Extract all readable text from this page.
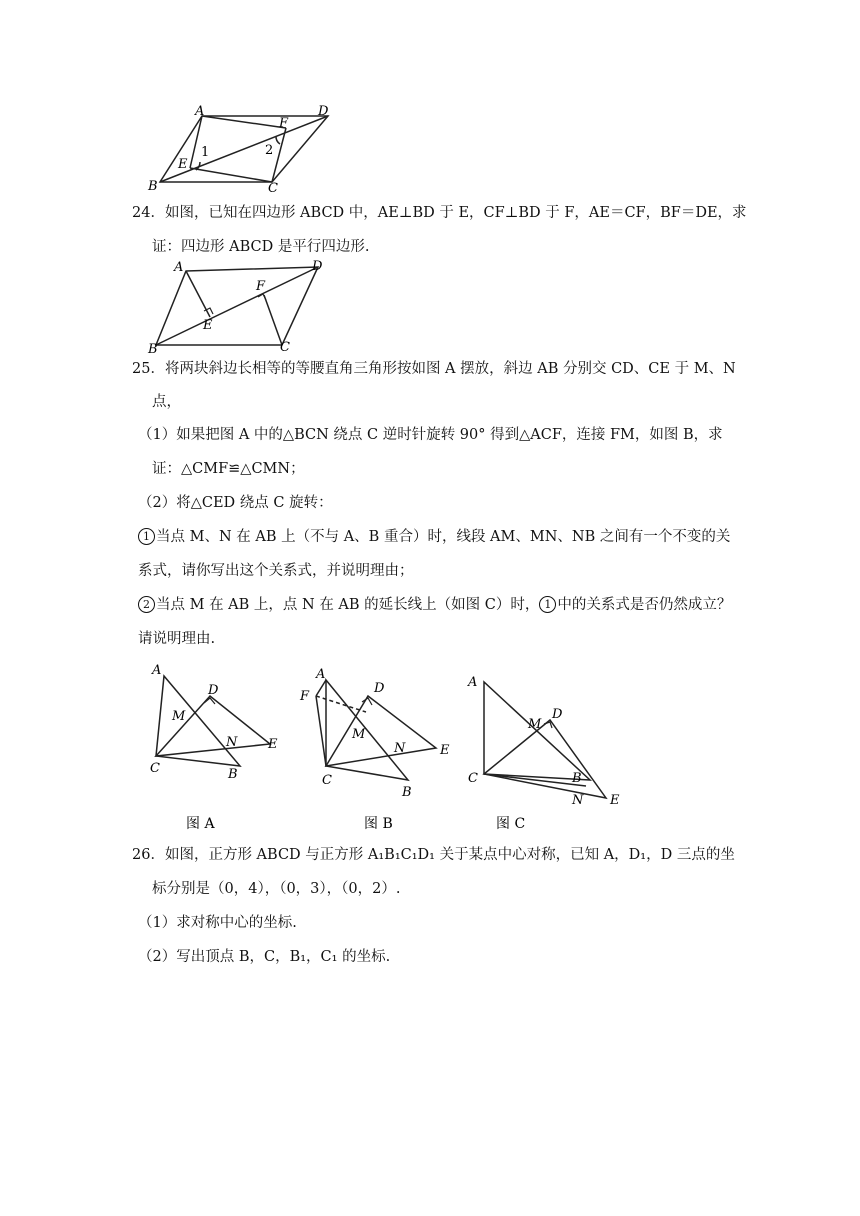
A	D
F
2
1
E
B	C
24．如图，已知在四边形 ABCD 中，AE⊥BD 于 E，CF⊥BD 于 F，AE＝CF，BF＝DE，求
证：四边形 ABCD 是平行四边形.
A	D
F
E
B	C
25．将两块斜边长相等的等腰直角三角形按如图 A 摆放，斜边 AB 分别交 CD、CE 于 M、N
点，
（1）如果把图 A 中的△BCN 绕点 C 逆时针旋转 90° 得到△ACF，连接 FM，如图 B，求
证：△CMF≌△CMN；
（2）将△CED 绕点 C 旋转：
1 当点 M、N 在 AB 上（不与 A、B 重合）时，线段 AM、MN、NB 之间有一个不变的关
系式，请你写出这个关系式，并说明理由；
2 当点 M 在 AB 上，点 N 在 AB 的延长线上（如图 C）时， 1 中的关系式是否仍然成立？
请说明理由.
A
D
M
N E
C	B
图 A
A
D
F
M
N	E
C
B
图 B
A
D
M
C	B
N E
图 C
26．如图，正方形 ABCD 与正方形 A₁B₁C₁D₁ 关于某点中心对称，已知 A，D₁，D 三点的坐
标分别是（0，4），（0，3），（0，2）.
（1）求对称中心的坐标.
（2）写出顶点 B，C，B₁，C₁ 的坐标.
